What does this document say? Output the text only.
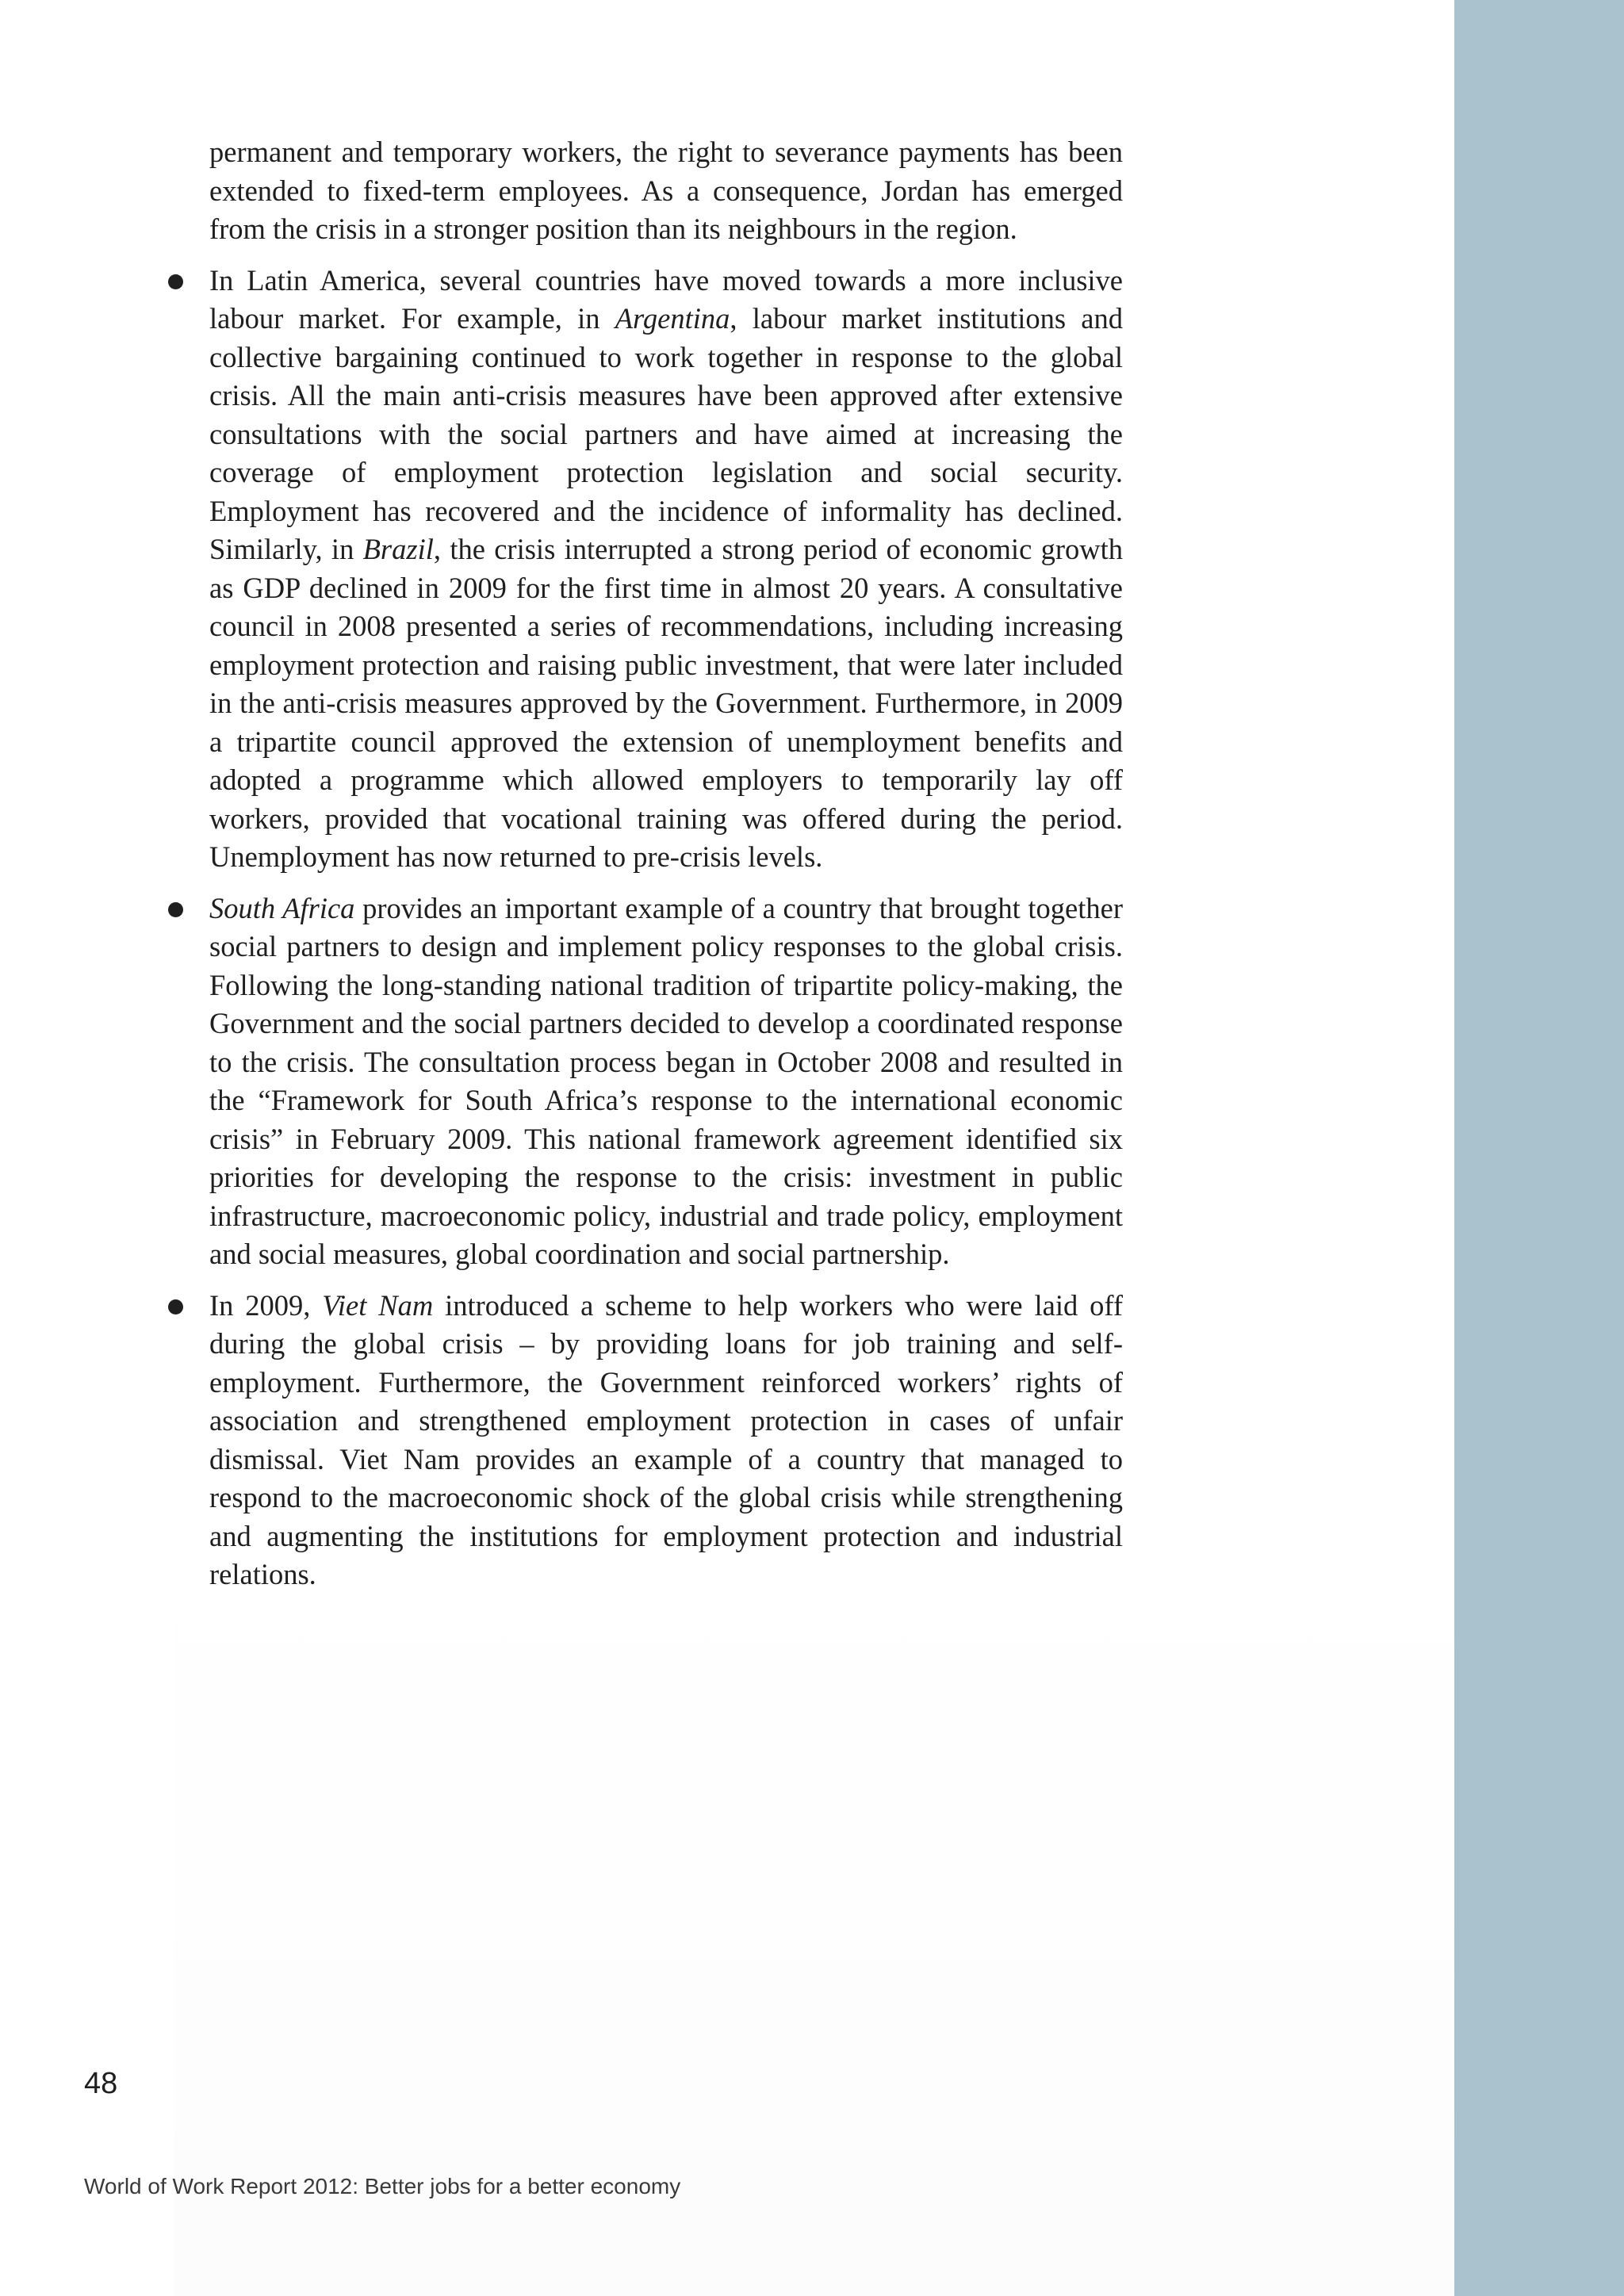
permanent and temporary workers, the right to severance payments has been extended to fixed-term employees. As a consequence, Jordan has emerged from the crisis in a stronger position than its neighbours in the region.

In Latin America, several countries have moved towards a more inclusive labour market. For example, in Argentina, labour market institutions and collective bargaining continued to work together in response to the global crisis. All the main anti-crisis measures have been approved after extensive consultations with the social partners and have aimed at increasing the coverage of employment protection legislation and social security. Employment has recovered and the incidence of informality has declined. Similarly, in Brazil, the crisis interrupted a strong period of economic growth as GDP declined in 2009 for the first time in almost 20 years. A consultative council in 2008 presented a series of recommendations, including increasing employment protection and raising public investment, that were later included in the anti-crisis measures approved by the Government. Furthermore, in 2009 a tripartite council approved the extension of unemployment benefits and adopted a programme which allowed employers to temporarily lay off workers, provided that vocational training was offered during the period. Unemployment has now returned to pre-crisis levels.

South Africa provides an important example of a country that brought together social partners to design and implement policy responses to the global crisis. Following the long-standing national tradition of tripartite policy-making, the Government and the social partners decided to develop a coordinated response to the crisis. The consultation process began in October 2008 and resulted in the “Framework for South Africa’s response to the international economic crisis” in February 2009. This national framework agreement identified six priorities for developing the response to the crisis: investment in public infrastructure, macroeconomic policy, industrial and trade policy, employment and social measures, global coordination and social partnership.

In 2009, Viet Nam introduced a scheme to help workers who were laid off during the global crisis – by providing loans for job training and self-employment. Furthermore, the Government reinforced workers’ rights of association and strengthened employment protection in cases of unfair dismissal. Viet Nam provides an example of a country that managed to respond to the macroeconomic shock of the global crisis while strengthening and augmenting the institutions for employment protection and industrial relations.

48
World of Work Report 2012: Better jobs for a better economy
